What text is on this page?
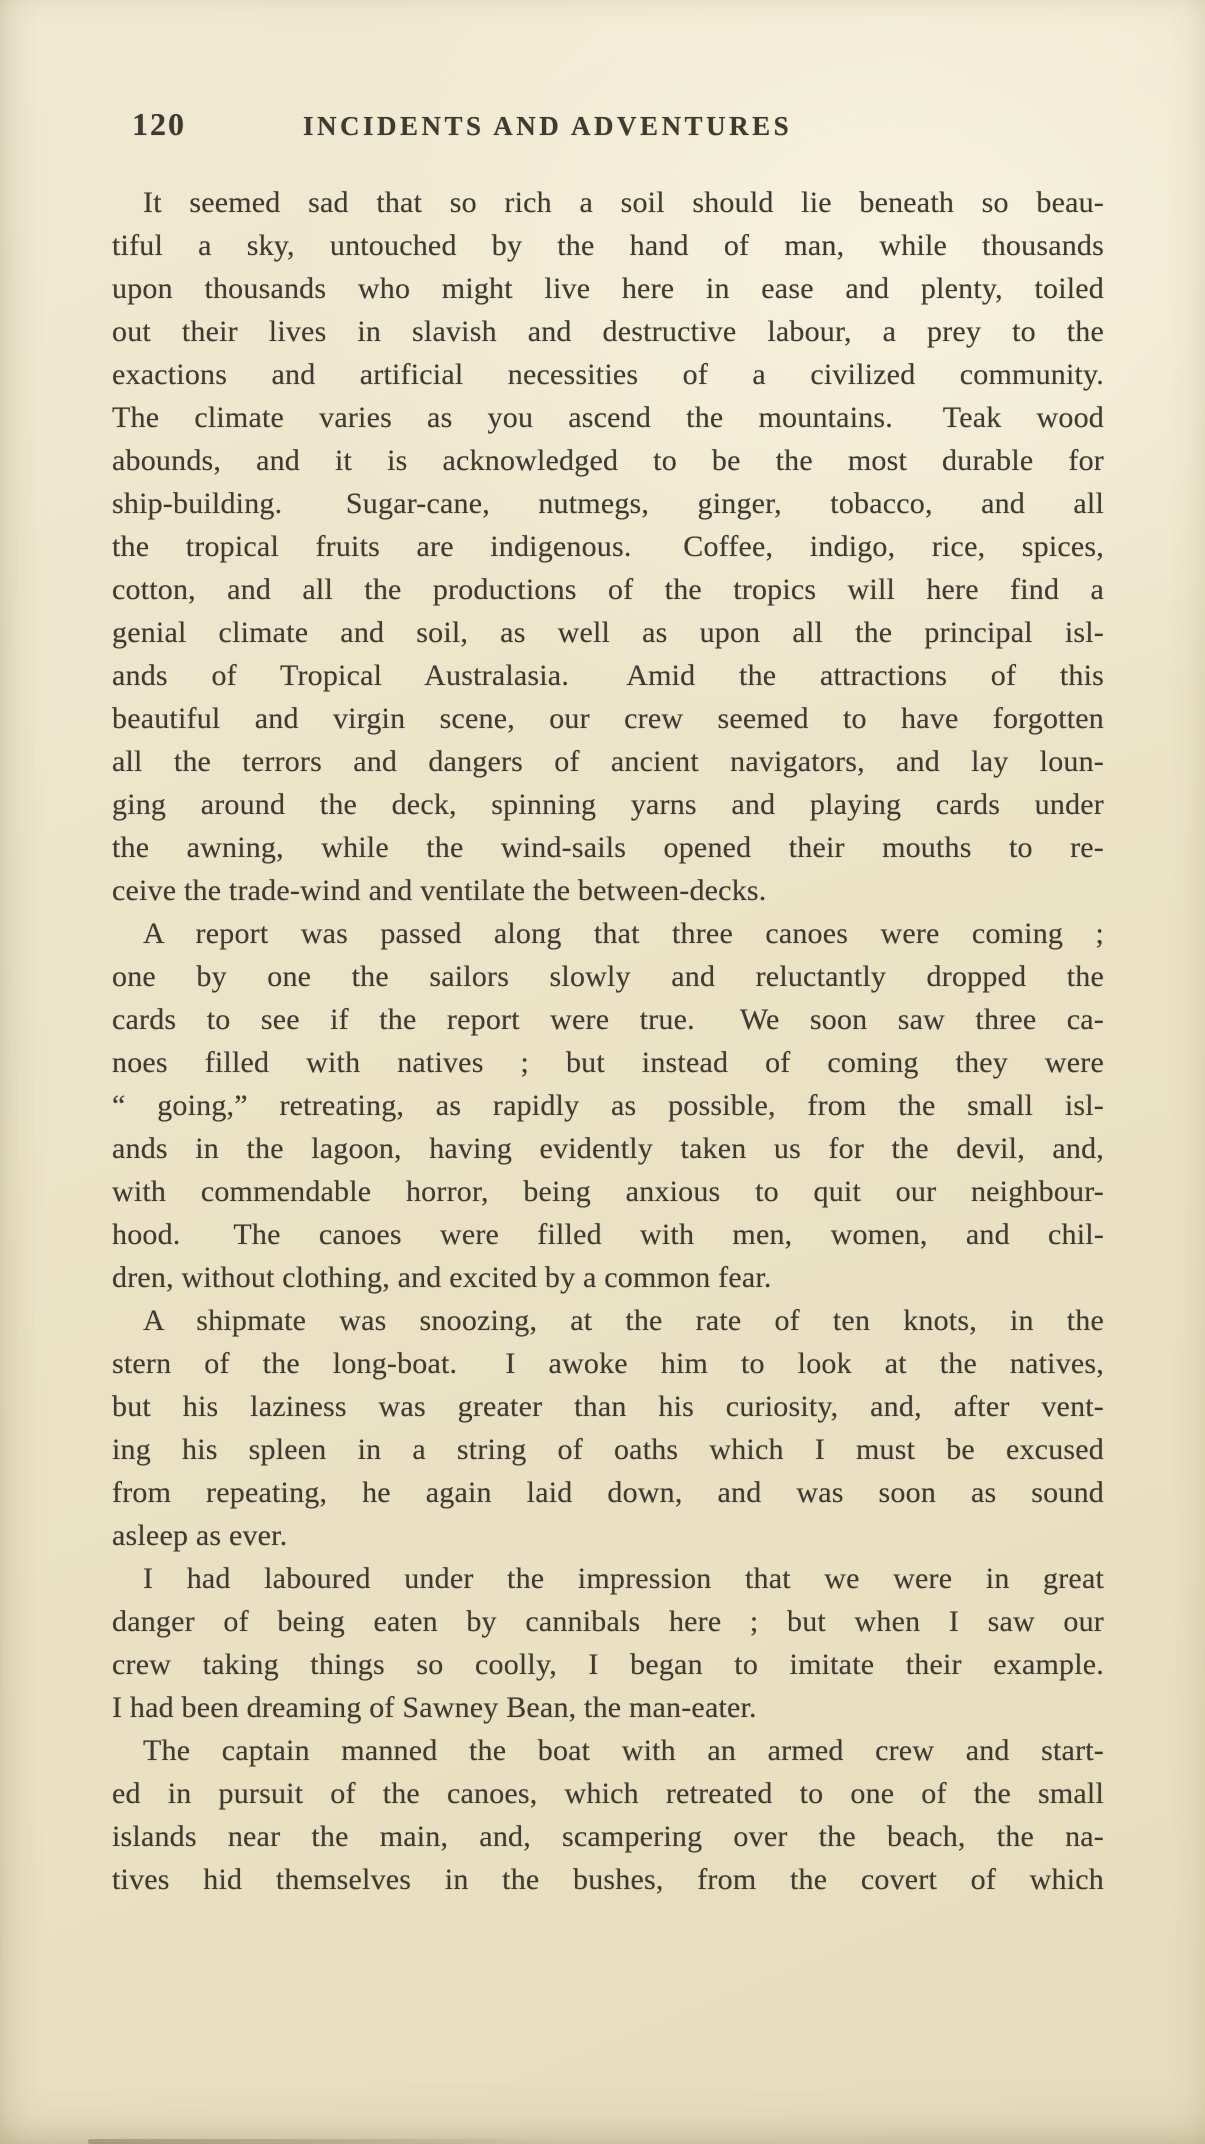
120	INCIDENTS AND ADVENTURES
It seemed sad that so rich a soil should lie beneath so beau-
tiful a sky, untouched by the hand of man, while thousands
upon thousands who might live here in ease and plenty, toiled
out their lives in slavish and destructive labour, a prey to the
exactions and artificial necessities of a civilized community.
The climate varies as you ascend the mountains.  Teak wood
abounds, and it is acknowledged to be the most durable for
ship-building.  Sugar-cane, nutmegs, ginger, tobacco, and all
the tropical fruits are indigenous.  Coffee, indigo, rice, spices,
cotton, and all the productions of the tropics will here find a
genial climate and soil, as well as upon all the principal isl-
ands of Tropical Australasia.  Amid the attractions of this
beautiful and virgin scene, our crew seemed to have forgotten
all the terrors and dangers of ancient navigators, and lay loun-
ging around the deck, spinning yarns and playing cards under
the awning, while the wind-sails opened their mouths to re-
ceive the trade-wind and ventilate the between-decks.
A report was passed along that three canoes were coming ;
one by one the sailors slowly and reluctantly dropped the
cards to see if the report were true.  We soon saw three ca-
noes filled with natives ; but instead of coming they were
“ going,” retreating, as rapidly as possible, from the small isl-
ands in the lagoon, having evidently taken us for the devil, and,
with commendable horror, being anxious to quit our neighbour-
hood.  The canoes were filled with men, women, and chil-
dren, without clothing, and excited by a common fear.
A shipmate was snoozing, at the rate of ten knots, in the
stern of the long-boat.  I awoke him to look at the natives,
but his laziness was greater than his curiosity, and, after vent-
ing his spleen in a string of oaths which I must be excused
from repeating, he again laid down, and was soon as sound
asleep as ever.
I had laboured under the impression that we were in great
danger of being eaten by cannibals here ; but when I saw our
crew taking things so coolly, I began to imitate their example.
I had been dreaming of Sawney Bean, the man-eater.
The captain manned the boat with an armed crew and start-
ed in pursuit of the canoes, which retreated to one of the small
islands near the main, and, scampering over the beach, the na-
tives hid themselves in the bushes, from the covert of which
